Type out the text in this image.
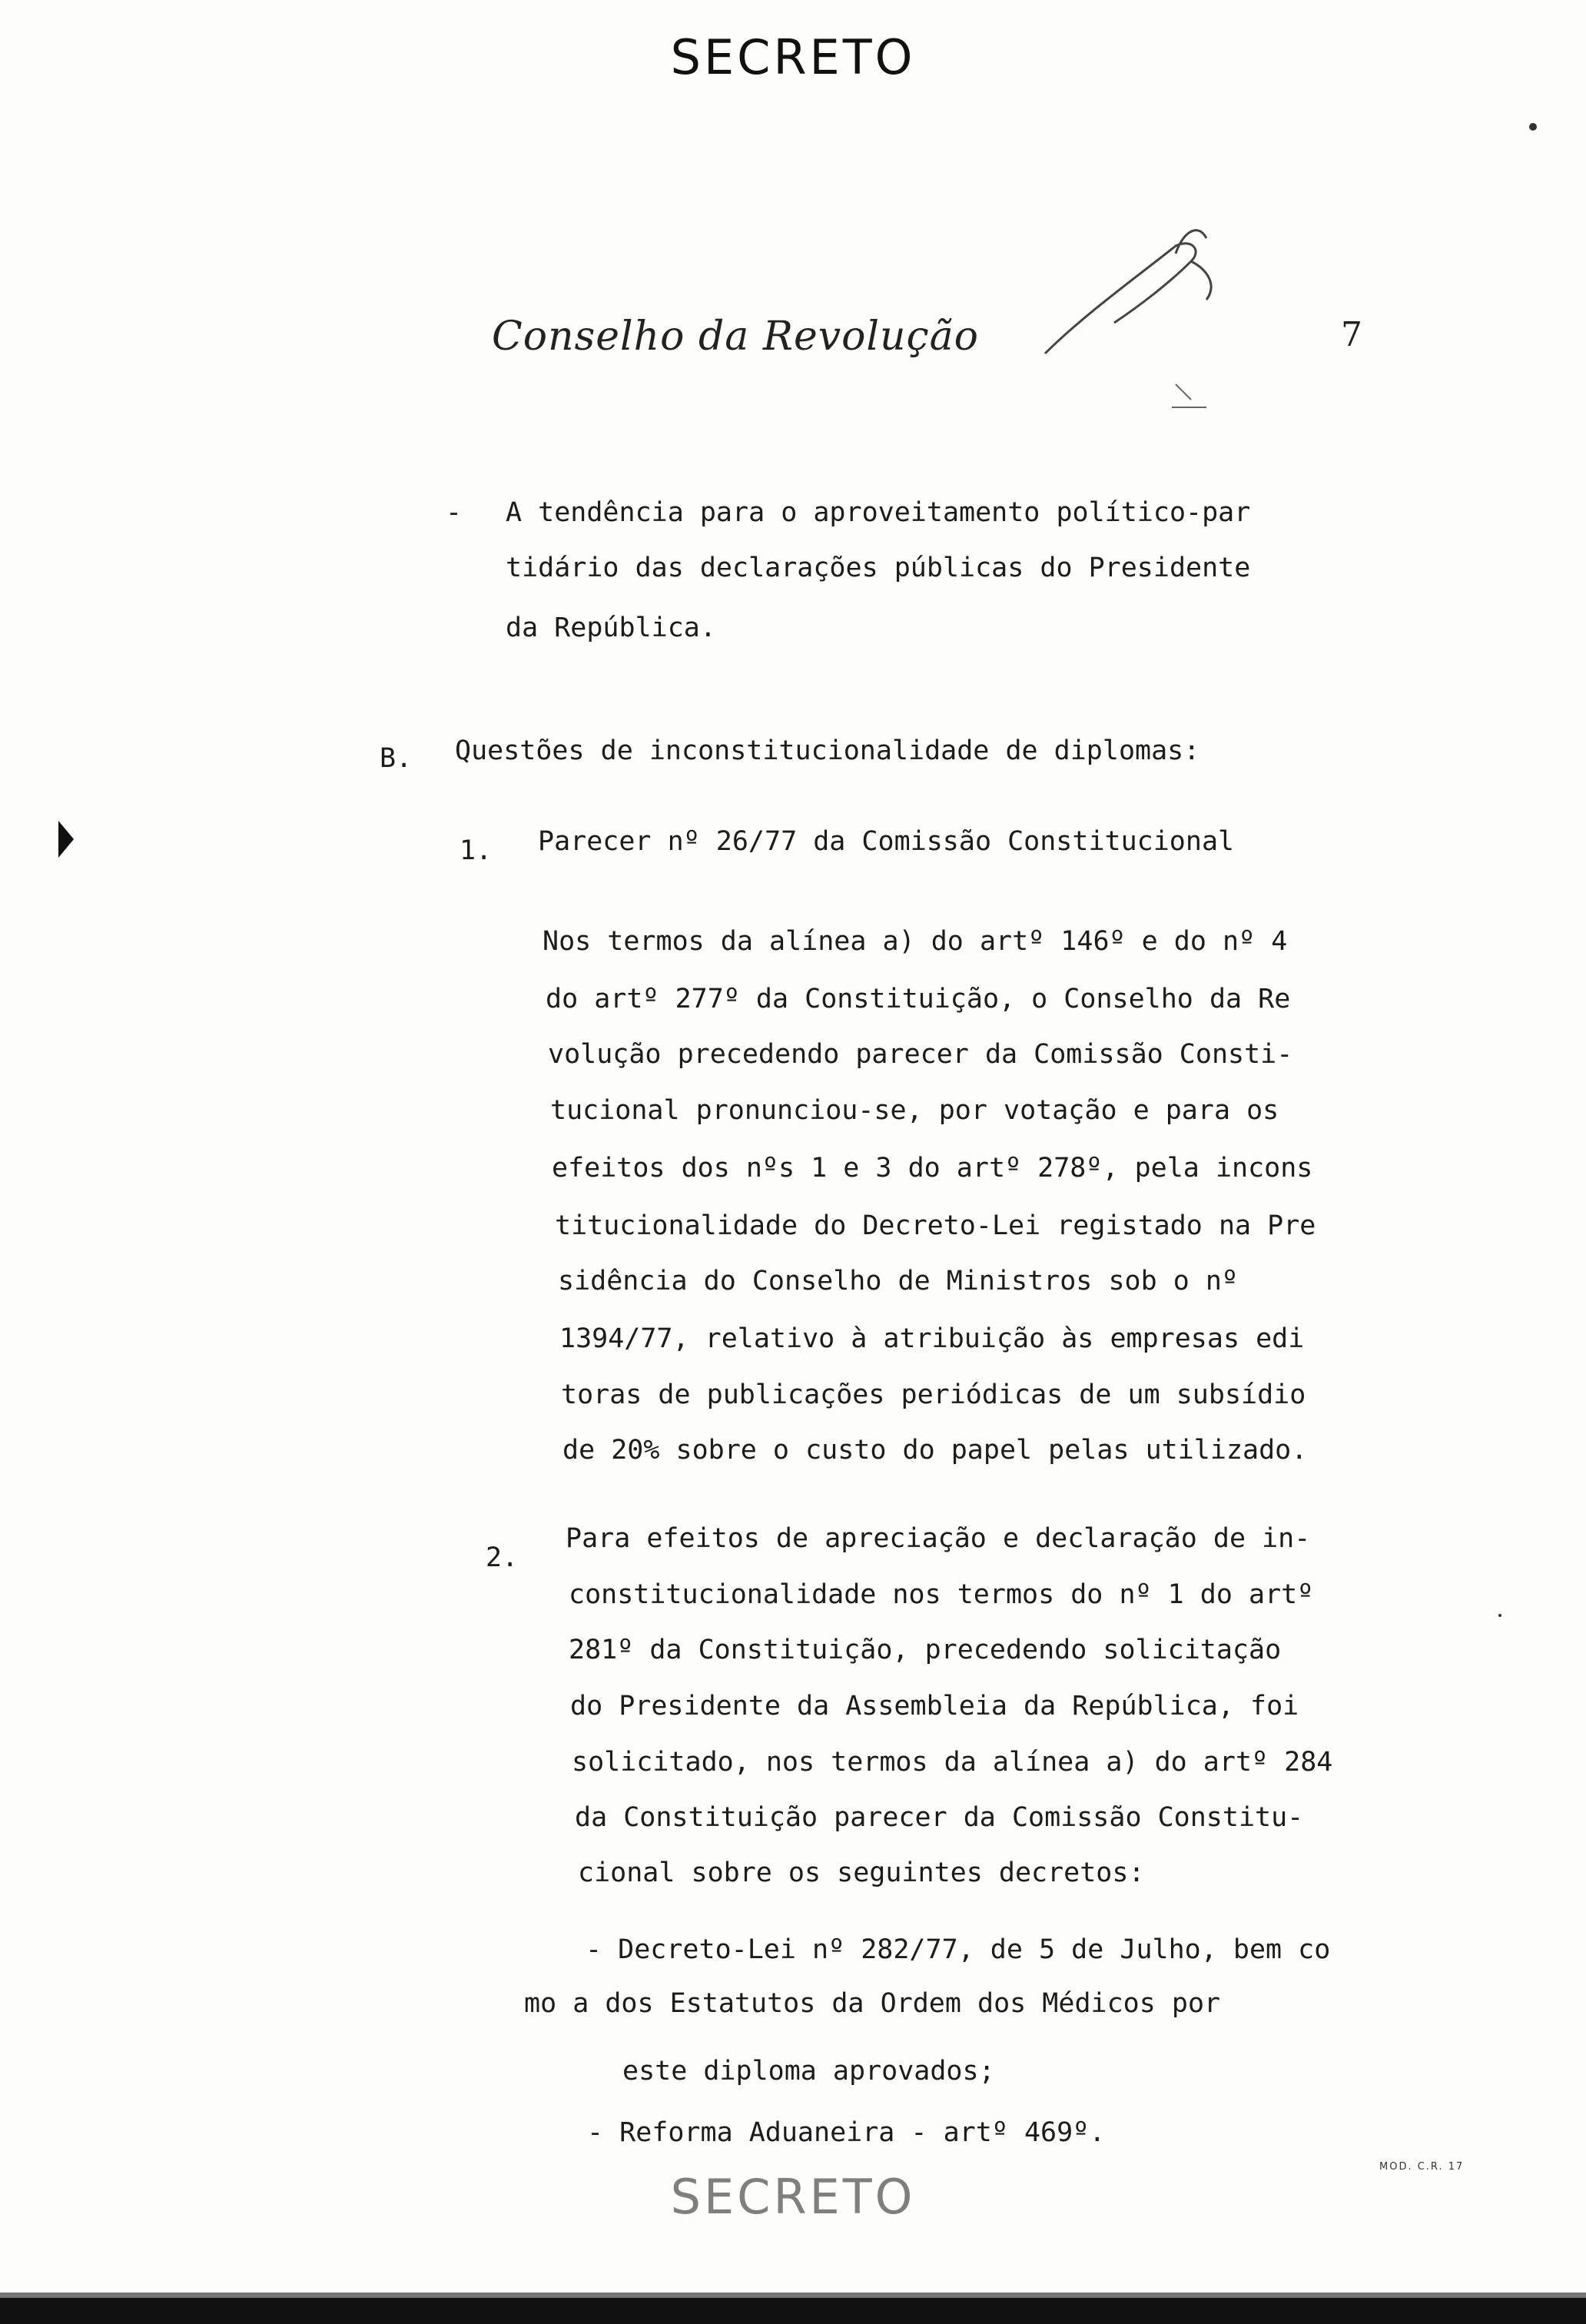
SECRETO
Conselho da Revolução	7
- A tendência para o aproveitamento político-par
tidário das declarações públicas do Presidente
da República.
B. Questões de inconstitucionalidade de diplomas:
1. Parecer nº 26/77 da Comissão Constitucional
Nos termos da alínea a) do artº 146º e do nº 4
do artº 277º da Constituição, o Conselho da Re
volução precedendo parecer da Comissão Consti-
tucional pronunciou-se, por votação e para os
efeitos dos nºs 1 e 3 do artº 278º, pela incons
titucionalidade do Decreto-Lei registado na Pre
sidência do Conselho de Ministros sob o nº
1394/77, relativo à atribuição às empresas edi
toras de publicações periódicas de um subsídio
de 20% sobre o custo do papel pelas utilizado.
2.
Para efeitos de apreciação e declaração de in-
constitucionalidade nos termos do nº 1 do artº
281º da Constituição, precedendo solicitação
do Presidente da Assembleia da República, foi
solicitado, nos termos da alínea a) do artº 284
da Constituição parecer da Comissão Constitu-
cional sobre os seguintes decretos:
- Decreto-Lei nº 282/77, de 5 de Julho, bem co
mo a dos Estatutos da Ordem dos Médicos por
este diploma aprovados;
- Reforma Aduaneira - artº 469º.
SECRETO
MOD. C.R. 17
